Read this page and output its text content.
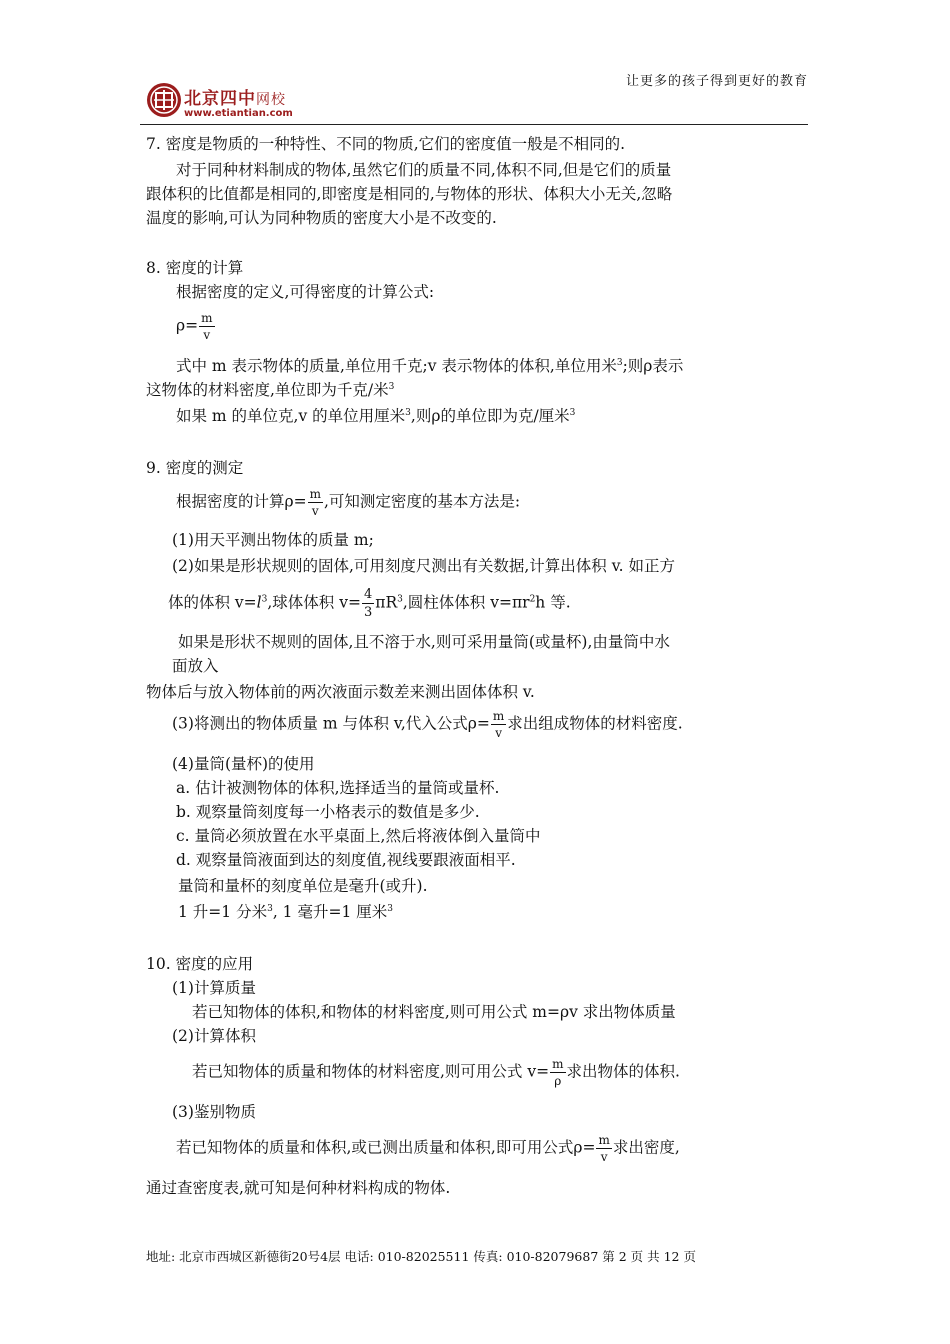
北京四中网校
www.etiantian.com
让更多的孩子得到更好的教育
7. 密度是物质的一种特性、不同的物质,它们的密度值一般是不相同的.
对于同种材料制成的物体,虽然它们的质量不同,体积不同,但是它们的质量
跟体积的比值都是相同的,即密度是相同的,与物体的形状、体积大小无关,忽略
温度的影响,可认为同种物质的密度大小是不改变的.
8. 密度的计算
根据密度的定义,可得密度的计算公式:
$\rho= \frac{m}{v}$
式中 m 表示物体的质量,单位用千克;v 表示物体的体积,单位用米$^3$;则ρ表示
这物体的材料密度,单位即为千克/米$^3$
如果 m 的单位克,v 的单位用厘米$^3$,则ρ的单位即为克/厘米$^3$
9. 密度的测定
根据密度的计算$\rho= \frac{m}{v}$ ,可知测定密度的基本方法是:
(1)用天平测出物体的质量 m;
(2)如果是形状规则的固体,可用刻度尺测出有关数据,计算出体积 v. 如正方
体的体积 $v=l^3$,球体体积 $v= \frac{4}{3} \pi R^3$,圆柱体体积 $v=\pi r^2h$ 等.
如果是形状不规则的固体,且不溶于水,则可采用量筒(或量杯),由量筒中水
面放入
物体后与放入物体前的两次液面示数差来测出固体体积 v.
(3)将测出的物体质量 m 与体积 v,代入公式$\rho= \frac{m}{v}$ 求出组成物体的材料密度.
(4)量筒(量杯)的使用
a. 估计被测物体的体积,选择适当的量筒或量杯.
b. 观察量筒刻度每一小格表示的数值是多少.
c. 量筒必须放置在水平桌面上,然后将液体倒入量筒中
d. 观察量筒液面到达的刻度值,视线要跟液面相平.
量筒和量杯的刻度单位是毫升(或升).
1 升=1 分米$^3$, 1 毫升=1 厘米$^3$
10. 密度的应用
(1)计算质量
若已知物体的体积,和物体的材料密度,则可用公式 m=ρv 求出物体质量
(2)计算体积
若已知物体的质量和物体的材料密度,则可用公式 $v= \frac{m}{\rho}$ 求出物体的体积.
(3)鉴别物质
若已知物体的质量和体积,或已测出质量和体积,即可用公式$\rho= \frac{m}{v}$ 求出密度,
通过查密度表,就可知是何种材料构成的物体.
地址: 北京市西城区新德街20号4层 电话: 010-82025511 传真: 010-82079687 第 2 页 共 12 页
